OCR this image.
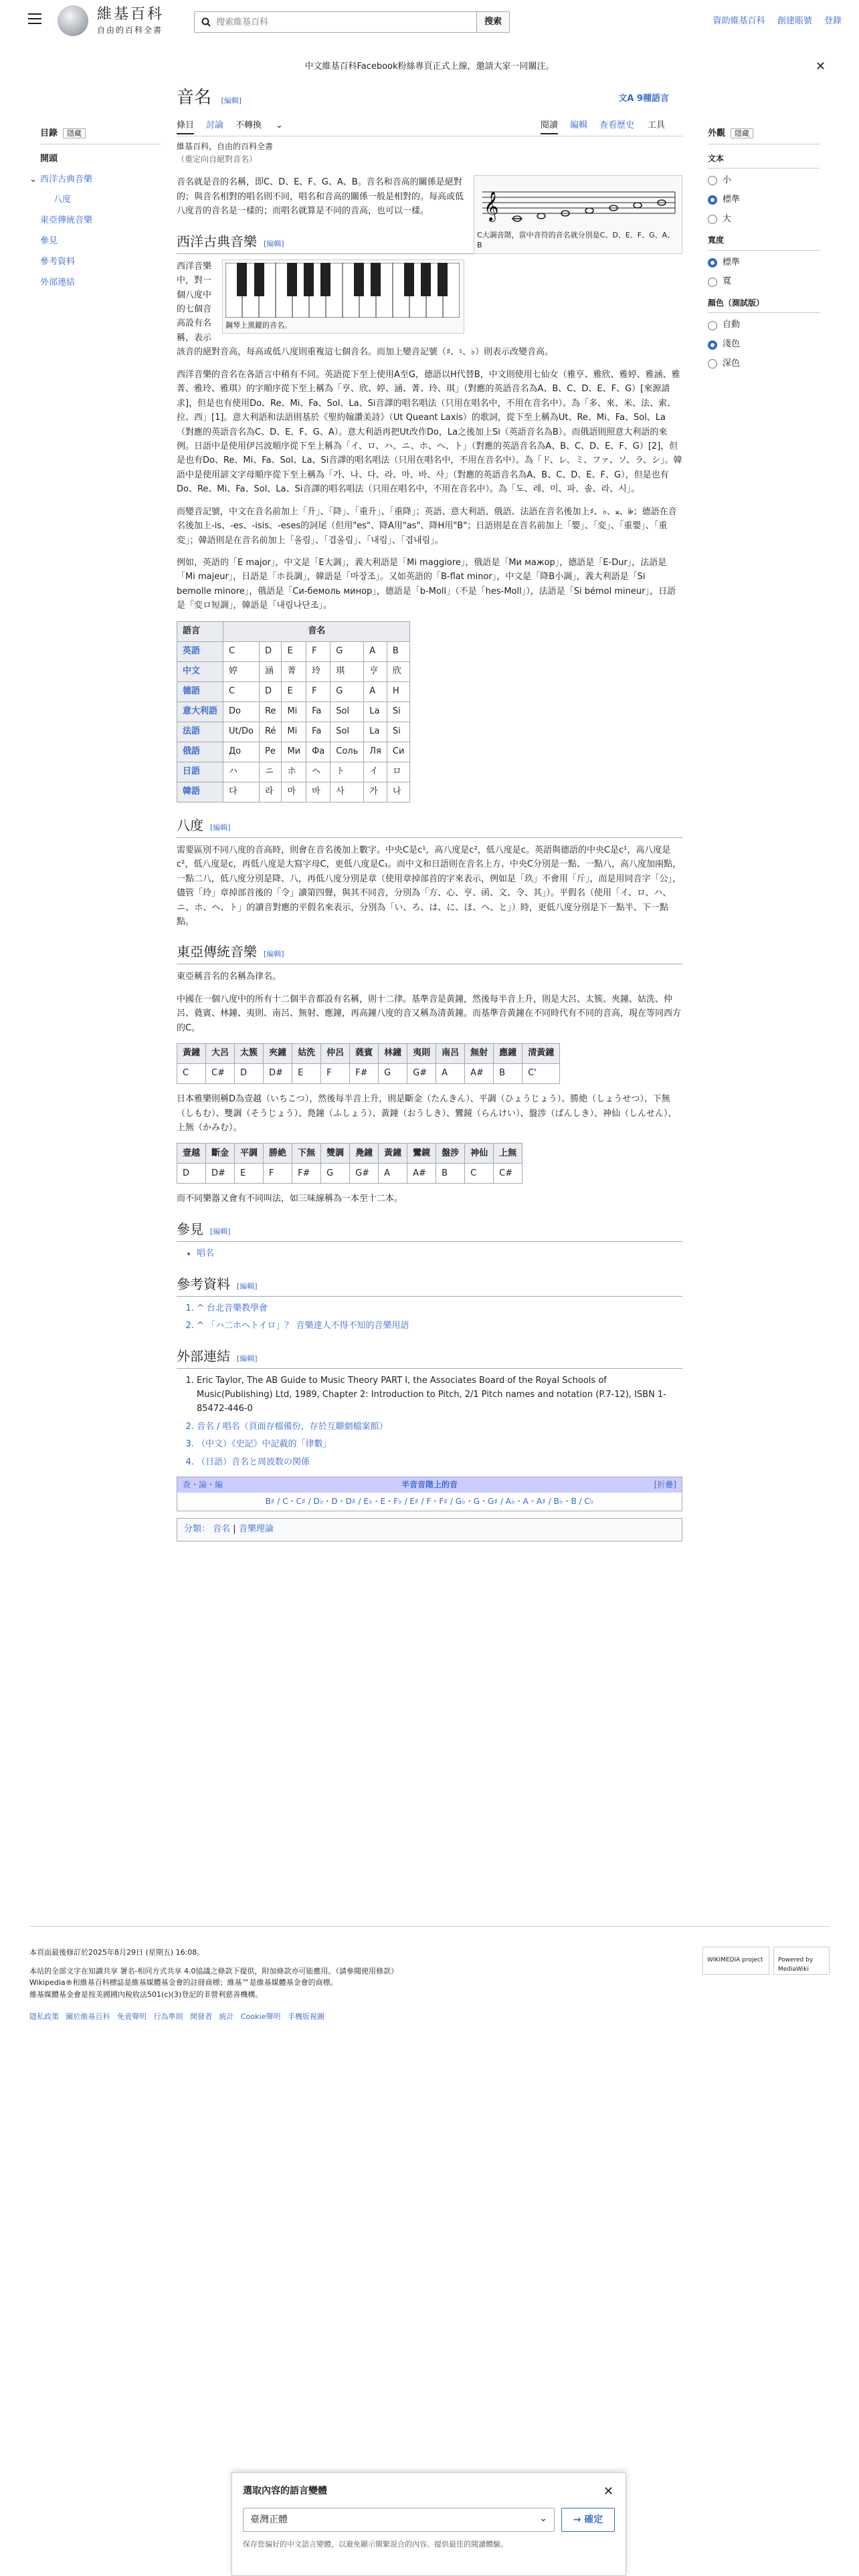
維基百科
自由的百科全書
搜索維基百科	搜索	資助維基百科 創建賬號 登錄
中文維基百科Facebook粉絲專頁正式上線，邀請大家一同關注。	✕
目錄 隱藏
開頭
⌄ 西洋古典音樂
八度
東亞傳統音樂
參見
參考資料
外部連結
外觀 隱藏
文本
小
標準
大
寬度
標準
寬
顏色（測試版）
自動
淺色
深色
音名 [編輯]	文A 9種語言
條目 討論 不轉換 ⌄	閱讀 編輯 查看歷史 工具
維基百科，自由的百科全書
（重定向自絕對音名）
𝄞
C大調音階，當中音符的音名就分別是C、D、E、F、G、A、B

音名就是音的名稱，即C、D、E、F、G、A、B。音名和音高的關係是絕對的；與音名相對的唱名則不同，唱名和音高的關係一般是相對的。每高或低八度音的音名是一樣的；而唱名就算是不同的音高，也可以一樣。

西洋古典音樂 [編輯]
鋼琴上黑鍵的音名。

西洋音樂中，對一個八度中的七個音高設有名稱，表示該音的絕對音高，每高或低八度則重複這七個音名。而加上變音記號（♯、♮、♭）則表示改變音高。

西洋音樂的音名在各語言中稍有不同。英語從下至上使用A至G，德語以H代替B，中文則使用七仙女（雅亨、雅欣、雅婷、雅涵、雅菁、雅玲、雅琪）的字順序從下至上稱為「亨、欣、婷、涵、菁、玲、琪」（對應的英語音名為A、B、C、D、E、F、G）[來源請求]，但是也有使用Do、Re、Mi、Fa、Sol、La、Si音譯的唱名唱法（只用在唱名中，不用在音名中）。為「多、來、米、法、索、拉、西」[1]。意大利語和法語則基於《聖約翰讚美詩》（Ut Queant Laxis）的歌詞，從下至上稱為Ut、Re、Mi、Fa、Sol、La（對應的英語音名為C、D、E、F、G、A）。意大利語再把Ut改作Do，La之後加上Si（英語音名為B）。而俄語則照意大利語的來例。日語中是使用伊呂波順序從下至上稱為「イ、ロ、ハ、ニ、ホ、ヘ、ト」（對應的英語音名為A、B、C、D、E、F、G）[2]，但是也有Do、Re、Mi、Fa、Sol、La、Si音譯的唱名唱法（只用在唱名中，不用在音名中）。為「ド、レ、ミ、ファ、ソ、ラ、シ」。韓語中是使用諺文字母順序從下至上稱為「가、나、다、라、마、바、사」（對應的英語音名為A、B、C、D、E、F、G），但是也有Do、Re、Mi、Fa、Sol、La、Si音譯的唱名唱法（只用在唱名中，不用在音名中）。為「도、레、미、파、솔、라、시」。

而變音記號，中文在音名前加上「升」、「降」、「重升」、「重降」；英語、意大利語、俄語、法語在音名後加上♯、♭、𝄪、𝄫；德語在音名後加上-is、-es、-isis、-eses的詞尾（但用"es"、降A用"as"、降H用"B"；日語則是在音名前加上「嬰」、「変」、「重嬰」、「重変」；韓語則是在音名前加上「올림」、「겹올림」、「내림」、「겹내림」。

例如，英語的「E major」，中文是「E大調」，義大利語是「Mi maggiore」，俄語是「Ми мажор」，德語是「E-Dur」，法語是「Mi majeur」，日語是「ホ長調」，韓語是「마장조」。又如英語的「B-flat minor」，中文是「降B小調」，義大利語是「Si bemolle minore」，俄語是「Си-бемоль минор」，德語是「b-Moll」（不是「hes-Moll」），法語是「Si bémol mineur」，日語是「変ロ短調」，韓語是「내림나단조」。

語言	音名						
英語	C	D	E	F	G	A	B
中文	婷	涵	菁	玲	琪	亨	欣
德語	C	D	E	F	G	A	H
意大利語	Do	Re	Mi	Fa	Sol	La	Si
法語	Ut/Do	Ré	Mi	Fa	Sol	La	Si
俄語	До	Ре	Ми	Фа	Соль	Ля	Си
日語	ハ	ニ	ホ	ヘ	ト	イ	ロ
韓語	다	라	마	바	사	가	나
八度 [編輯]

需要區別不同八度的音高時，則會在音名後加上數字。中央C是c¹，高八度是c²，低八度是c。英語與德語的中央C是c¹，高八度是c²，低八度是c，再低八度是大寫字母C，更低八度是C₁。而中文和日語則在音名上方、中央C分別是一點、一點八，高八度加兩點，一點二八，低八度分別是降、八，再低八度分別是章（使用章掉部首的字來表示，例如是「玖」不會用「斤」，而是用同音字「公」，儘管「玲」章掉部首後的「令」讀第四聲，與其不同音，分別為「方、心、亨、函、文、令、其」）。平假名（使用「イ、ロ、ハ、ニ、ホ、ヘ、ト」的讀音對應的平假名來表示，分別為「い、ろ、は、に、ほ、へ、と」）時，更低八度分別是下一點半、下一點點。

東亞傳統音樂 [編輯]

東亞稱音名的名稱為律名。

中國在一個八度中的所有十二個半音都設有名稱，則十二律。基準音是黃鐘，然後每半音上升，則是大呂、太簇、夾鐘、姑洗、仲呂、蕤賓、林鐘、夷則、南呂、無射、應鐘，再高鐘八度的音又稱為清黃鐘。而基準音黃鐘在不同時代有不同的音高，現在等同西方的C。

黃鐘	大呂	太簇	夾鐘	姑洗	仲呂	蕤賓	林鐘	夷則	南呂	無射	應鐘	清黃鐘
C	C#	D	D#	E	F	F#	G	G#	A	A#	B	C'

日本雅樂則稱D為壹越（いちこつ），然後每半音上升，則是斷金（たんきん）、平調（ひょうじょう）、勝絶（しょうせつ）、下無（しもむ）、雙調（そうじょう）、鳧鐘（ふしょう）、黃鐘（おうしき）、鸞鏡（らんけい）、盤涉（ばんしき）、神仙（しんせん）、上無（かみむ）。

壹越	斷金	平調	勝絶	下無	雙調	鳧鐘	黃鐘	鸞鏡	盤涉	神仙	上無
D	D#	E	F	F#	G	G#	A	A#	B	C	C#

而不同樂器又會有不同叫法，如三味線稱為一本至十二本。

參見 [編輯]
• 唱名
參考資料 [編輯]
1. ^ 台北音樂教學會
2. ^ 「ハ二ホヘトイロ」？ 音樂達人不得不知的音樂用語
外部連結 [編輯]
1. Eric Taylor, The AB Guide to Music Theory PART I, the Associates Board of the Royal Schools of Music(Publishing) Ltd, 1989, Chapter 2: Introduction to Pitch, 2/1 Pitch names and notation (P.7-12), ISBN 1-85472-446-0
2. 音名 / 唱名（頁面存檔備份，存於互聯網檔案館）
3. （中文）《史記》中記載的「律數」
4. （日語）音名と周波数の関係
查・論・編	半音音階上的音	[折疊]
B♯ / C・C♯ / D♭・D・D♯ / E♭・E・F♭ / E♯ / F・F♯ / G♭・G・G♯ / A♭・A・A♯ / B♭・B / C♭
分類： 音名 | 音樂理論
本頁面最後修訂於2025年8月29日 (星期五) 16:08。
本站的全部文字在知識共享 署名-相同方式共享 4.0協議之條款下提供，附加條款亦可能應用。（請參閱使用條款）
Wikipedia®和維基百科標誌是維基媒體基金會的註冊商標；維基™是維基媒體基金會的商標。
維基媒體基金會是按美國國內稅收法501(c)(3)登記的非營利慈善機構。
隱私政策 關於維基百科 免責聲明 行為準則 開發者 統計 Cookie聲明 手機版視圖
WIKIMEDIA project	Powered by MediaWiki
選取內容的語言變體	✕
臺灣正體	⌄	→ 確定
保存您偏好的中文語言變體，以避免顯示簡繁混合的內容。提供最佳的閱讀體驗。
